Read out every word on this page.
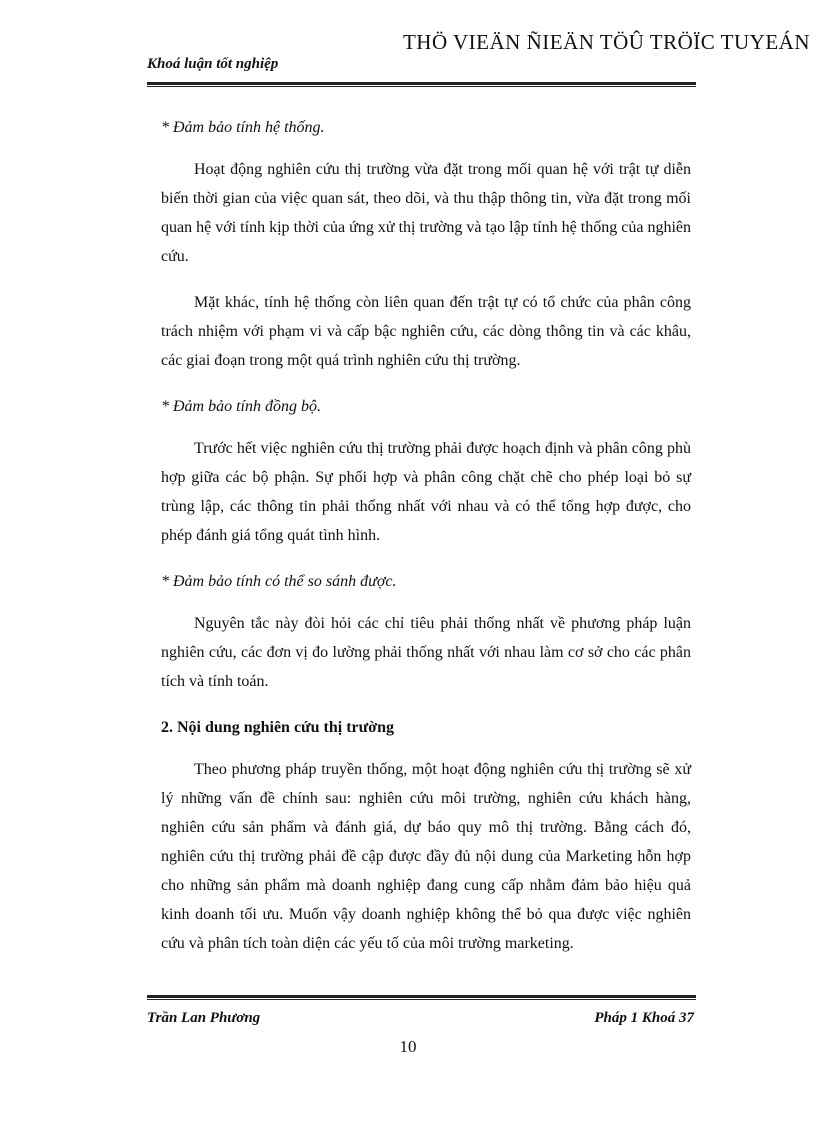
THÖ VIEÄN ÑIEÄN TÖÛ TRÖÏC TUYEÁN
Khoá luận tốt nghiệp

* Đảm bảo tính hệ thống.

Hoạt động nghiên cứu thị trường vừa đặt trong mối quan hệ với trật tự diễn biến thời gian của việc quan sát, theo dõi, và thu thập thông tin, vừa đặt trong mối quan hệ với tính kịp thời của ứng xử thị trường và tạo lập tính hệ thống của nghiên cứu.

Mặt khác, tính hệ thống còn liên quan đến trật tự có tổ chức của phân công trách nhiệm với phạm vi và cấp bậc nghiên cứu, các dòng thông tin và các khâu, các giai đoạn trong một quá trình nghiên cứu thị trường.

* Đảm bảo tính đồng bộ.

Trước hết việc nghiên cứu thị trường phải được hoạch định và phân công phù hợp giữa các bộ phận. Sự phối hợp và phân công chặt chẽ cho phép loại bỏ sự trùng lập, các thông tin phải thống nhất với nhau và có thể tổng hợp được, cho phép đánh giá tổng quát tình hình.

* Đảm bảo tính có thể so sánh được.

Nguyên tắc này đòi hỏi các chỉ tiêu phải thống nhất về phương pháp luận nghiên cứu, các đơn vị đo lường phải thống nhất với nhau làm cơ sở cho các phân tích và tính toán.

2. Nội dung nghiên cứu thị trường

Theo phương pháp truyền thống, một hoạt động nghiên cứu thị trường sẽ xử lý những vấn đề chính sau: nghiên cứu môi trường, nghiên cứu khách hàng, nghiên cứu sản phẩm và đánh giá, dự báo quy mô thị trường. Bằng cách đó, nghiên cứu thị trường phải đề cập được đầy đủ nội dung của Marketing hỗn hợp cho những sản phẩm mà doanh nghiệp đang cung cấp nhằm đảm bảo hiệu quả kinh doanh tối ưu. Muốn vậy doanh nghiệp không thể bỏ qua được việc nghiên cứu và phân tích toàn diện các yếu tố của môi trường marketing.

Trần Lan Phương	Pháp 1 Khoá 37
10
